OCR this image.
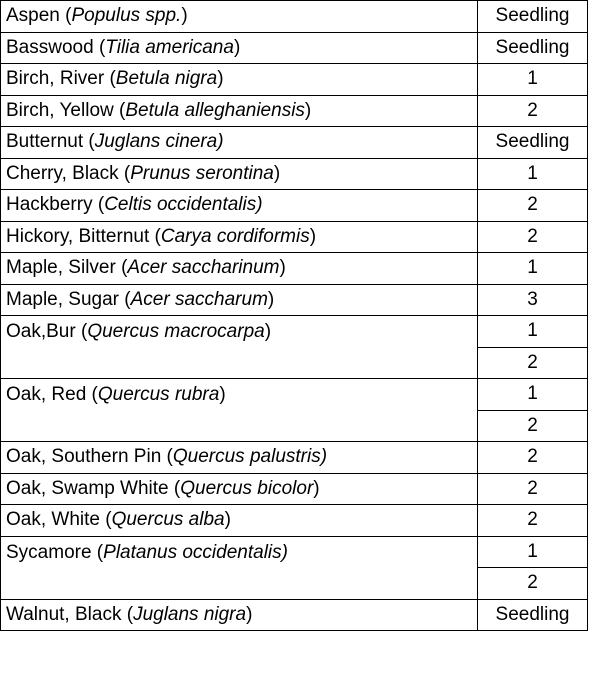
Aspen (Populus spp.)	Seedling
Basswood (Tilia americana)	Seedling
Birch, River (Betula nigra)	1
Birch, Yellow (Betula alleghaniensis)	2
Butternut (Juglans cinera)	Seedling
Cherry, Black (Prunus serontina)	1
Hackberry (Celtis occidentalis)	2
Hickory, Bitternut (Carya cordiformis)	2
Maple, Silver (Acer saccharinum)	1
Maple, Sugar (Acer saccharum)	3
Oak,Bur (Quercus macrocarpa)	1
	2
Oak, Red (Quercus rubra)	1
	2
Oak, Southern Pin (Quercus palustris)	2
Oak, Swamp White (Quercus bicolor)	2
Oak, White (Quercus alba)	2
Sycamore (Platanus occidentalis)	1
	2
Walnut, Black (Juglans nigra)	Seedling
